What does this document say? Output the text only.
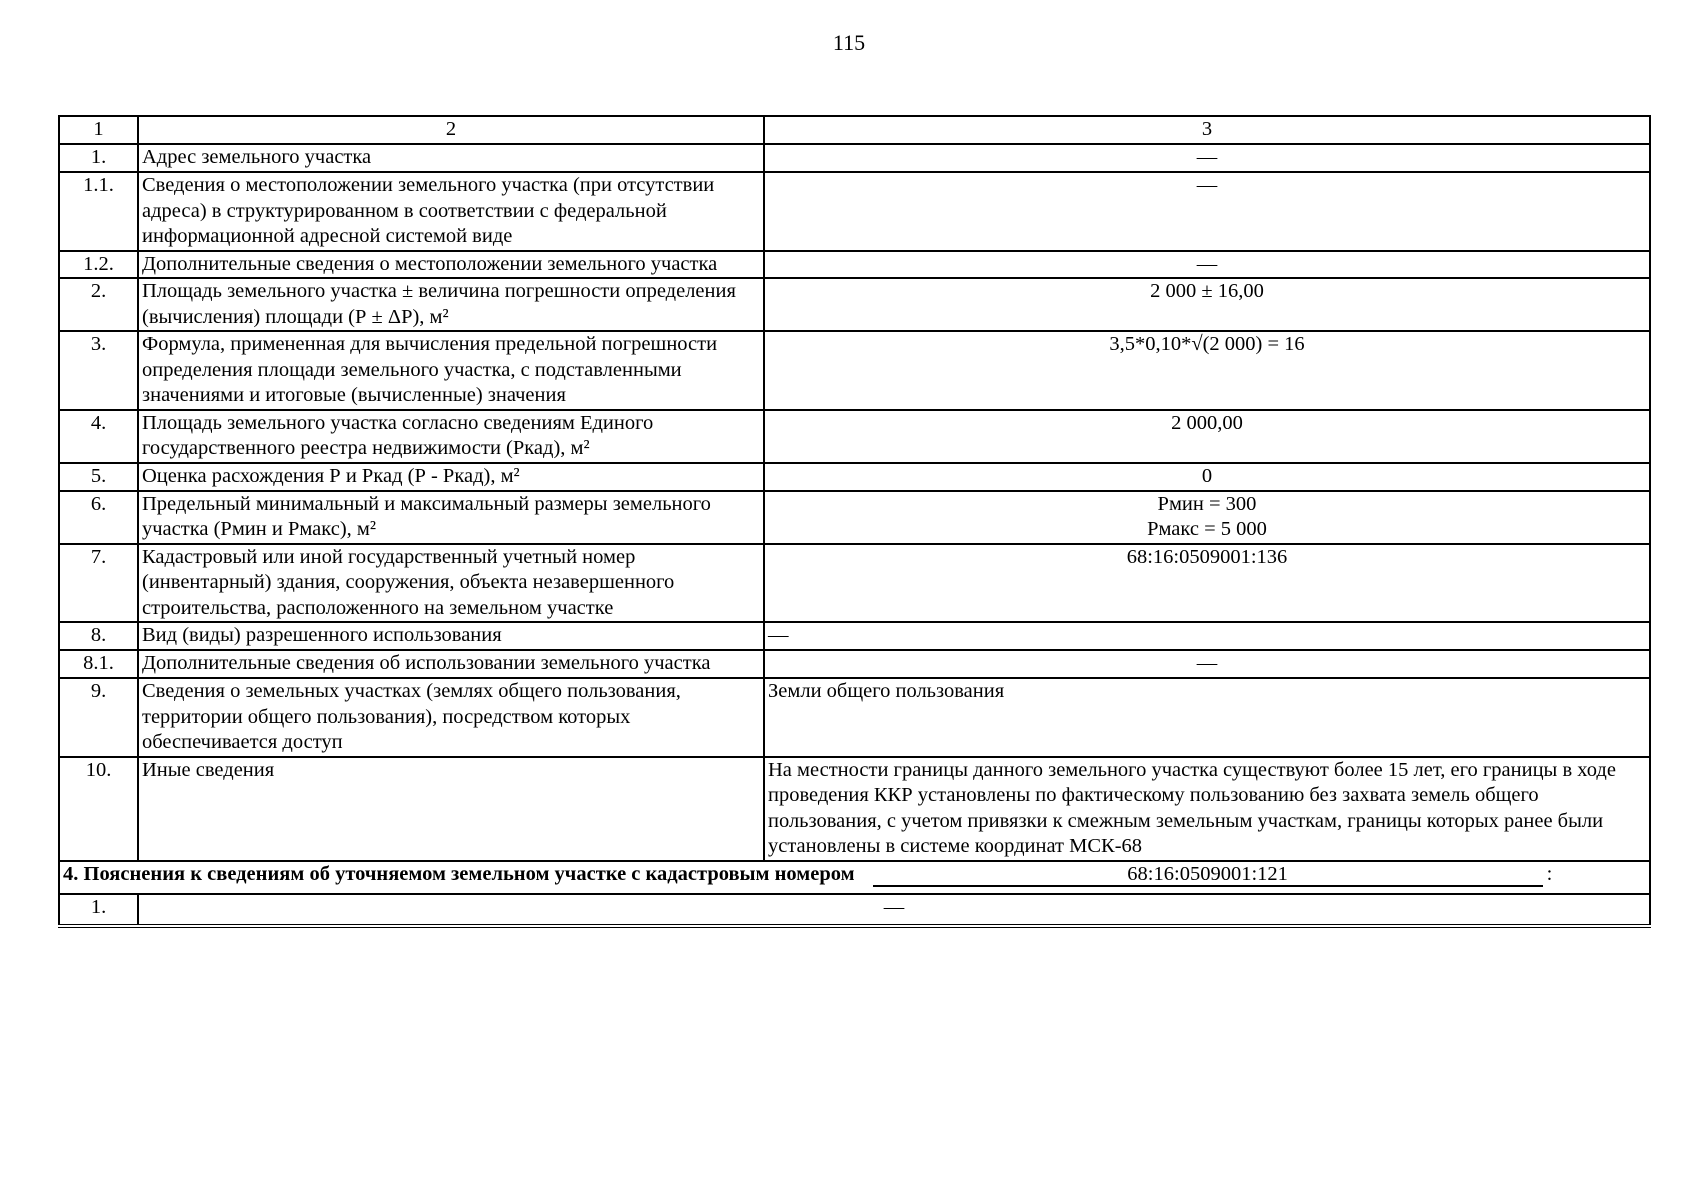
115
1	2	3
1.	Адрес земельного участка	—
1.1.	Сведения о местоположении земельного участка (при отсутствии адреса) в структурированном в соответствии с федеральной информационной адресной системой виде	—
1.2.	Дополнительные сведения о местоположении земельного участка	—
2.	Площадь земельного участка ± величина погрешности определения (вычисления) площади (Р ± ΔР), м²	2 000 ± 16,00
3.	Формула, примененная для вычисления предельной погрешности определения площади земельного участка, с подставленными значениями и итоговые (вычисленные) значения	3,5*0,10*√(2 000) = 16
4.	Площадь земельного участка согласно сведениям Единого государственного реестра недвижимости (Ркад), м²	2 000,00
5.	Оценка расхождения Р и Ркад (Р - Ркад), м²	0
6.	Предельный минимальный и максимальный размеры земельного участка (Рмин и Рмакс), м²	Рмин = 300
Рмакс = 5 000

7.	Кадастровый или иной государственный учетный номер (инвентарный) здания, сооружения, объекта незавершенного строительства, расположенного на земельном участке	68:16:0509001:136
8.	Вид (виды) разрешенного использования	—
8.1.	Дополнительные сведения об использовании земельного участка	—
9.	Сведения о земельных участках (землях общего пользования, территории общего пользования), посредством которых обеспечивается доступ	Земли общего пользования
10.	Иные сведения	На местности границы данного земельного участка существуют более 15 лет, его границы в ходе проведения ККР установлены по фактическому пользованию без захвата земель общего пользования, с учетом привязки к смежным земельным участкам, границы которых ранее были установлены в системе координат МСК-68
4. Пояснения к сведениям об уточняемом земельном участке с кадастровым номером 68:16:0509001:121 :		
1.	—	
